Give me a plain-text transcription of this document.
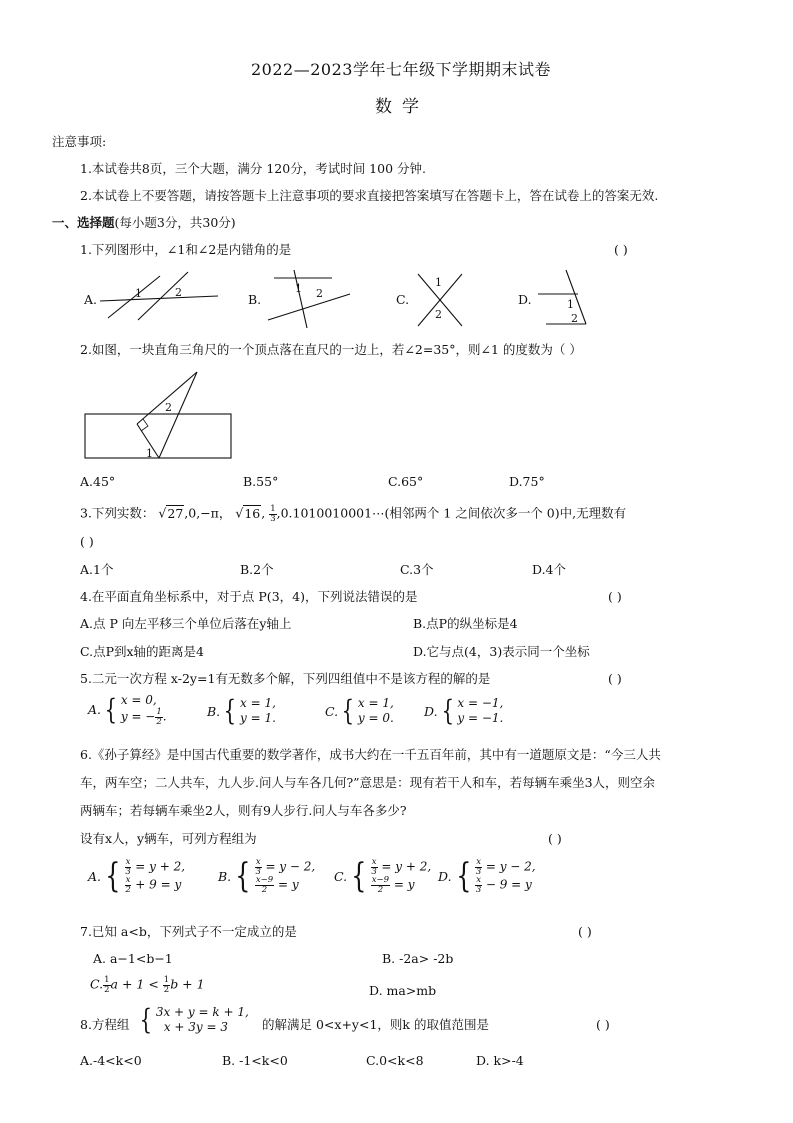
2022—2023学年七年级下学期期末试卷
数学
注意事项:
1.本试卷共8页，三个大题，满分 120分，考试时间 100 分钟.
2.本试卷上不要答题，请按答题卡上注意事项的要求直接把答案填写在答题卡上，答在试卷上的答案无效.
一、选择题(每小题3分，共30分)
1.下列图形中，∠1和∠2是内错角的是	( )
A.	1	2	B.
1 2	C.
1
2
D.	1
2
2.如图，一块直角三角尺的一个顶点落在直尺的一边上，若∠2=35°，则∠1 的度数为（ ）
2
1
A.45°	B.55°	C.65°	D.75°
3.下列实数： √27,0,−π， √16, $\frac{1}{3}$ ,0.1010010001⋯(相邻两个 1 之间依次多一个 0)中,无理数有
( )
A.1个	B.2个	C.3个	D.4个
4.在平面直角坐标系中，对于点 P(3，4)，下列说法错误的是	( )
A.点 P 向左平移三个单位后落在y轴上	B.点P的纵坐标是4
C.点P到x轴的距离是4	D.它与点(4，3)表示同一个坐标
5.二元一次方程 x-2y=1有无数多个解，下列四组值中不是该方程的解的是	( )
A. { x = 0,
y = − $\frac{1}{2}$ .	B. { x = 1,
y = 1.	C. { x = 1,
y = 0. D. { x = −1,
y = −1.
6.《孙子算经》是中国古代重要的数学著作，成书大约在一千五百年前，其中有一道题原文是：“今三人共
车，两车空；二人共车，九人步.问人与车各几何?”意思是：现有若干人和车，若每辆车乘坐3人，则空余
两辆车；若每辆车乘坐2人，则有9人步行.问人与车各多少?
设有x人，y辆车，可列方程组为	( )
A. { $\frac{x}{3} = y + 2$,
$\frac{x}{2} + 9 = y$
B. { $\frac{x}{3} = y - 2$,
$\frac{x-9}{2} = y$
C. { $\frac{x}{3} = y + 2$,
$\frac{x-9}{2} = y$
D. { $\frac{x}{3} = y - 2$,
$\frac{x}{3} - 9 = y$
7.已知 a<b，下列式子不一定成立的是	( )
A. a−1<b−1	B. -2a> -2b
C. $\frac{1}{2}$ $a + 1 < \frac{1}{2}$ b + 1	D. ma>mb
8.方程组 { 3x + y = k + 1,
x + 3y = 3	的解满足 0<x+y<1，则k 的取值范围是	( )
A.-4<k<0	B. -1<k<0	C.0<k<8	D. k>-4
